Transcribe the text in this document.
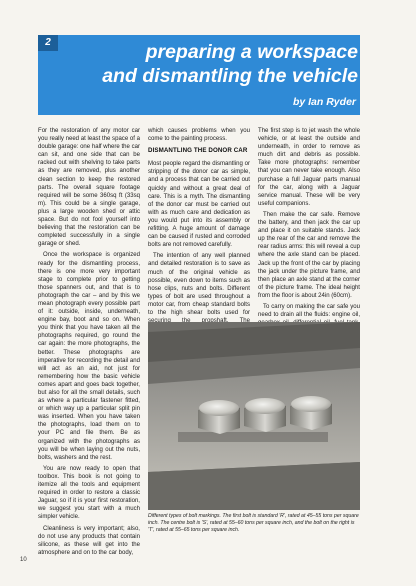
2	preparing a workspace
and dismantling the vehicle
by Ian Ryder

For the restoration of any motor car you really need at least the space of a double garage: one half where the car can sit, and one side that can be racked out with shelving to take parts as they are removed, plus another clean section to keep the restored parts. The overall square footage required will be some 360sq ft (33sq m). This could be a single garage, plus a large wooden shed or attic space. But do not fool yourself into believing that the restoration can be completed successfully in a single garage or shed.

Once the workspace is organized ready for the dismantling process, there is one more very important stage to complete prior to getting those spanners out, and that is to photograph the car – and by this we mean photograph every possible part of it: outside, inside, underneath, engine bay, boot and so on. When you think that you have taken all the photographs required, go round the car again: the more photographs, the better. These photographs are imperative for recording the detail and will act as an aid, not just for remembering how the basic vehicle comes apart and goes back together, but also for all the small details, such as where a particular fastener fitted, or which way up a particular split pin was inserted. When you have taken the photographs, load them on to your PC and file them. Be as organized with the photographs as you will be when laying out the nuts, bolts, washers and the rest.

You are now ready to open that toolbox. This book is not going to itemize all the tools and equipment required in order to restore a classic Jaguar, so if it is your first restoration, we suggest you start with a much simpler vehicle.

Cleanliness is very important; also, do not use any products that contain silicone, as these will get into the atmosphere and on to the car body,

which causes problems when you come to the painting process.

DISMANTLING THE DONOR CAR

Most people regard the dismantling or stripping of the donor car as simple, and a process that can be carried out quickly and without a great deal of care. This is a myth. The dismantling of the donor car must be carried out with as much care and dedication as you would put into its assembly or refitting. A huge amount of damage can be caused if rusted and corroded bolts are not removed carefully.

The intention of any well planned and detailed restoration is to save as much of the original vehicle as possible, even down to items such as hose clips, nuts and bolts. Different types of bolt are used throughout a motor car, from cheap standard bolts to the high shear bolts used for

The first step is to jet wash the whole vehicle, or at least the outside and underneath, in order to remove as much dirt and debris as possible. Take more photographs: remember that you can never take enough. Also purchase a full Jaguar parts manual for the car, along with a Jaguar service manual. These will be very useful companions.

Then make the car safe. Remove the battery, and then jack the car up and place it on suitable stands. Jack up the rear of the car and remove the rear radius arms: this will reveal a cup where the axle stand can be placed. Jack up the front of the car by placing the jack under the picture frame, and then place an axle stand at the corner of the picture frame. The ideal height from the floor is about 24in (60cm).

To carry on making the car safe you need to drain all the fluids: engine oil,

Different types of bolt markings. The first bolt is standard 'R', rated at 45–55 tons per square inch. The centre bolt is 'S', rated at 55–60 tons per square inch, and the bolt on the right is 'T', rated at 55–65 tons per square inch.
10
